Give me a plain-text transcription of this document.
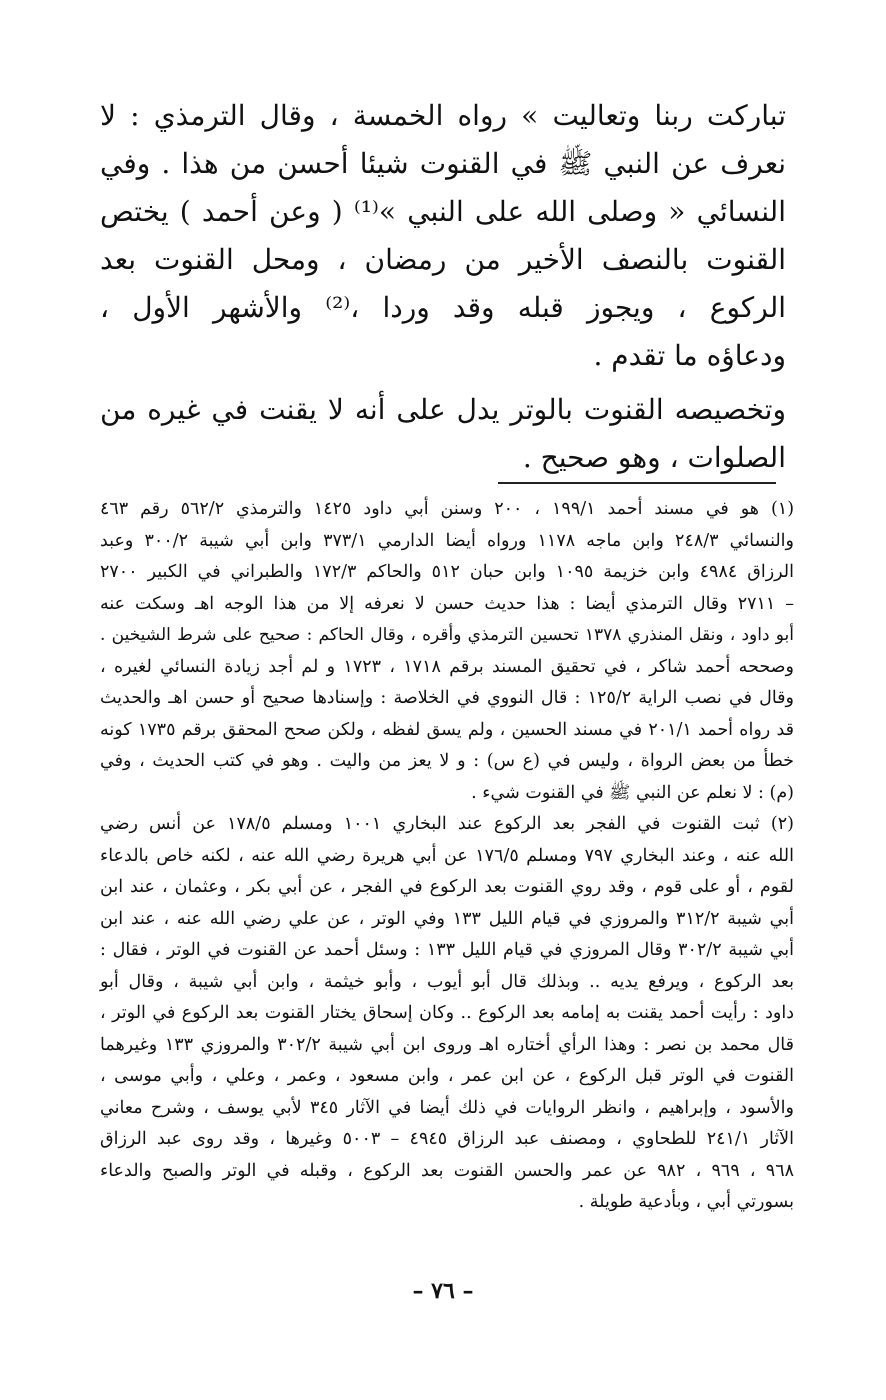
تباركت ربنا وتعاليت » رواه الخمسة ، وقال الترمذي : لا
نعرف عن النبي ﷺ في القنوت شيئا أحسن من هذا . وفي
النسائي « وصلى الله على النبي »⁽¹⁾ ( وعن أحمد ) يختص
القنوت بالنصف الأخير من رمضان ، ومحل القنوت بعد
الركوع ، ويجوز قبله وقد وردا ،⁽²⁾ والأشهر الأول ،
ودعاؤه ما تقدم .
وتخصيصه القنوت بالوتر يدل على أنه لا يقنت في غيره من
الصلوات ، وهو صحيح .
(١) هو في مسند أحمد ١٩٩/١ ، ٢٠٠ وسنن أبي داود ١٤٢٥ والترمذي ٥٦٢/٢ رقم ٤٦٣
والنسائي ٢٤٨/٣ وابن ماجه ١١٧٨ ورواه أيضا الدارمي ٣٧٣/١ وابن أبي شيبة ٣٠٠/٢ وعبد
الرزاق ٤٩٨٤ وابن خزيمة ١٠٩٥ وابن حبان ٥١٢ والحاكم ١٧٢/٣ والطبراني في الكبير ٢٧٠٠
– ٢٧١١ وقال الترمذي أيضا : هذا حديث حسن لا نعرفه إلا من هذا الوجه اهـ وسكت عنه
أبو داود ، ونقل المنذري ١٣٧٨ تحسين الترمذي وأقره ، وقال الحاكم : صحيح على شرط الشيخين .
وصححه أحمد شاكر ، في تحقيق المسند برقم ١٧١٨ ، ١٧٢٣ و لم أجد زيادة النسائي لغيره ،
وقال في نصب الراية ١٢٥/٢ : قال النووي في الخلاصة : وإسنادها صحيح أو حسن اهـ والحديث
قد رواه أحمد ٢٠١/١ في مسند الحسين ، ولم يسق لفظه ، ولكن صحح المحقق برقم ١٧٣٥ كونه
خطأ من بعض الرواة ، وليس في (ع س) : و لا يعز من واليت . وهو في كتب الحديث ، وفي
(م) : لا نعلم عن النبي ﷺ في القنوت شيء .
(٢) ثبت القنوت في الفجر بعد الركوع عند البخاري ١٠٠١ ومسلم ١٧٨/٥ عن أنس رضي
الله عنه ، وعند البخاري ٧٩٧ ومسلم ١٧٦/٥ عن أبي هريرة رضي الله عنه ، لكنه خاص بالدعاء
لقوم ، أو على قوم ، وقد روي القنوت بعد الركوع في الفجر ، عن أبي بكر ، وعثمان ، عند ابن
أبي شيبة ٣١٢/٢ والمروزي في قيام الليل ١٣٣ وفي الوتر ، عن علي رضي الله عنه ، عند ابن
أبي شيبة ٣٠٢/٢ وقال المروزي في قيام الليل ١٣٣ : وسئل أحمد عن القنوت في الوتر ، فقال :
بعد الركوع ، ويرفع يديه .. وبذلك قال أبو أيوب ، وأبو خيثمة ، وابن أبي شيبة ، وقال أبو
داود : رأيت أحمد يقنت به إمامه بعد الركوع .. وكان إسحاق يختار القنوت بعد الركوع في الوتر ،
قال محمد بن نصر : وهذا الرأي أختاره اهـ وروى ابن أبي شيبة ٣٠٢/٢ والمروزي ١٣٣ وغيرهما
القنوت في الوتر قبل الركوع ، عن ابن عمر ، وابن مسعود ، وعمر ، وعلي ، وأبي موسى ،
والأسود ، وإبراهيم ، وانظر الروايات في ذلك أيضا في الآثار ٣٤٥ لأبي يوسف ، وشرح معاني
الآثار ٢٤١/١ للطحاوي ، ومصنف عبد الرزاق ٤٩٤٥ – ٥٠٠٣ وغيرها ، وقد روى عبد الرزاق
٩٦٨ ، ٩٦٩ ، ٩٨٢ عن عمر والحسن القنوت بعد الركوع ، وقبله في الوتر والصبح والدعاء
بسورتي أبي ، وبأدعية طويلة .
– ٧٦ –
